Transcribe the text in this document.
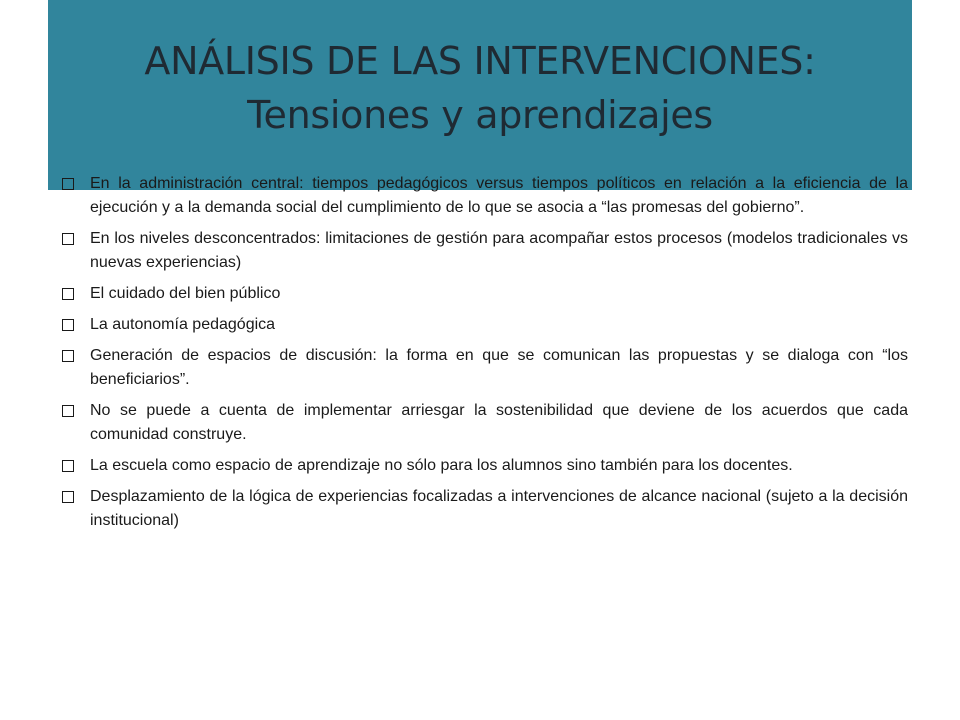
ANÁLISIS DE LAS INTERVENCIONES:
Tensiones y aprendizajes
En la administración central: tiempos pedagógicos versus tiempos políticos en relación a la eficiencia de la ejecución y a la demanda social del cumplimiento de lo que se asocia a “las promesas del gobierno”.
En los niveles desconcentrados: limitaciones de gestión para acompañar estos procesos (modelos tradicionales vs nuevas experiencias)
El cuidado del bien público
La autonomía pedagógica
Generación de espacios de discusión: la forma en que se comunican las propuestas y se dialoga con “los beneficiarios”.
No se puede a cuenta de implementar arriesgar la sostenibilidad que deviene de los acuerdos que cada comunidad construye.
La escuela como espacio de aprendizaje no sólo para los alumnos sino también para los docentes.
Desplazamiento de la lógica de experiencias focalizadas a intervenciones de alcance nacional (sujeto a la decisión institucional)
